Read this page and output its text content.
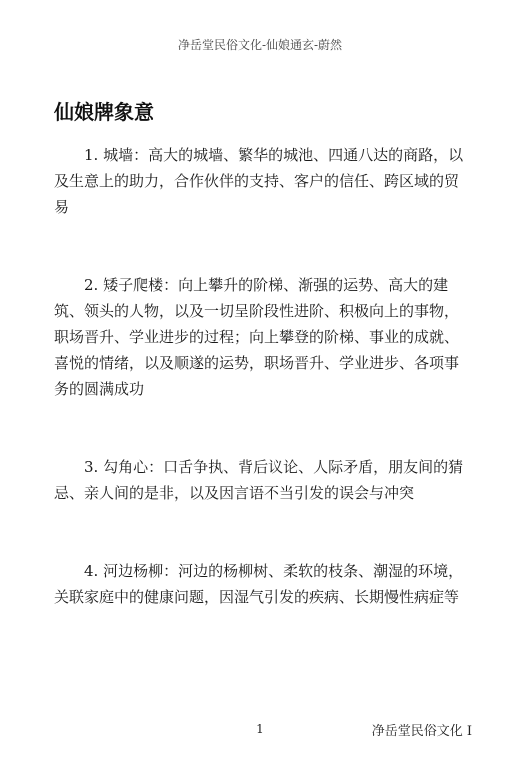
净岳堂民俗文化-仙娘通玄-蔚然
仙娘牌象意

1. 城墙：高大的城墙、繁华的城池、四通八达的商路，以及生意上的助力，合作伙伴的支持、客户的信任、跨区域的贸易

2. 矮子爬楼：向上攀升的阶梯、渐强的运势、高大的建筑、领头的人物，以及一切呈阶段性进阶、积极向上的事物，职场晋升、学业进步的过程；向上攀登的阶梯、事业的成就、喜悦的情绪，以及顺遂的运势，职场晋升、学业进步、各项事务的圆满成功

3. 勾角心：口舌争执、背后议论、人际矛盾，朋友间的猜忌、亲人间的是非，以及因言语不当引发的误会与冲突

4. 河边杨柳：河边的杨柳树、柔软的枝条、潮湿的环境，关联家庭中的健康问题，因湿气引发的疾病、长期慢性病症等

1	净岳堂民俗文化 I
